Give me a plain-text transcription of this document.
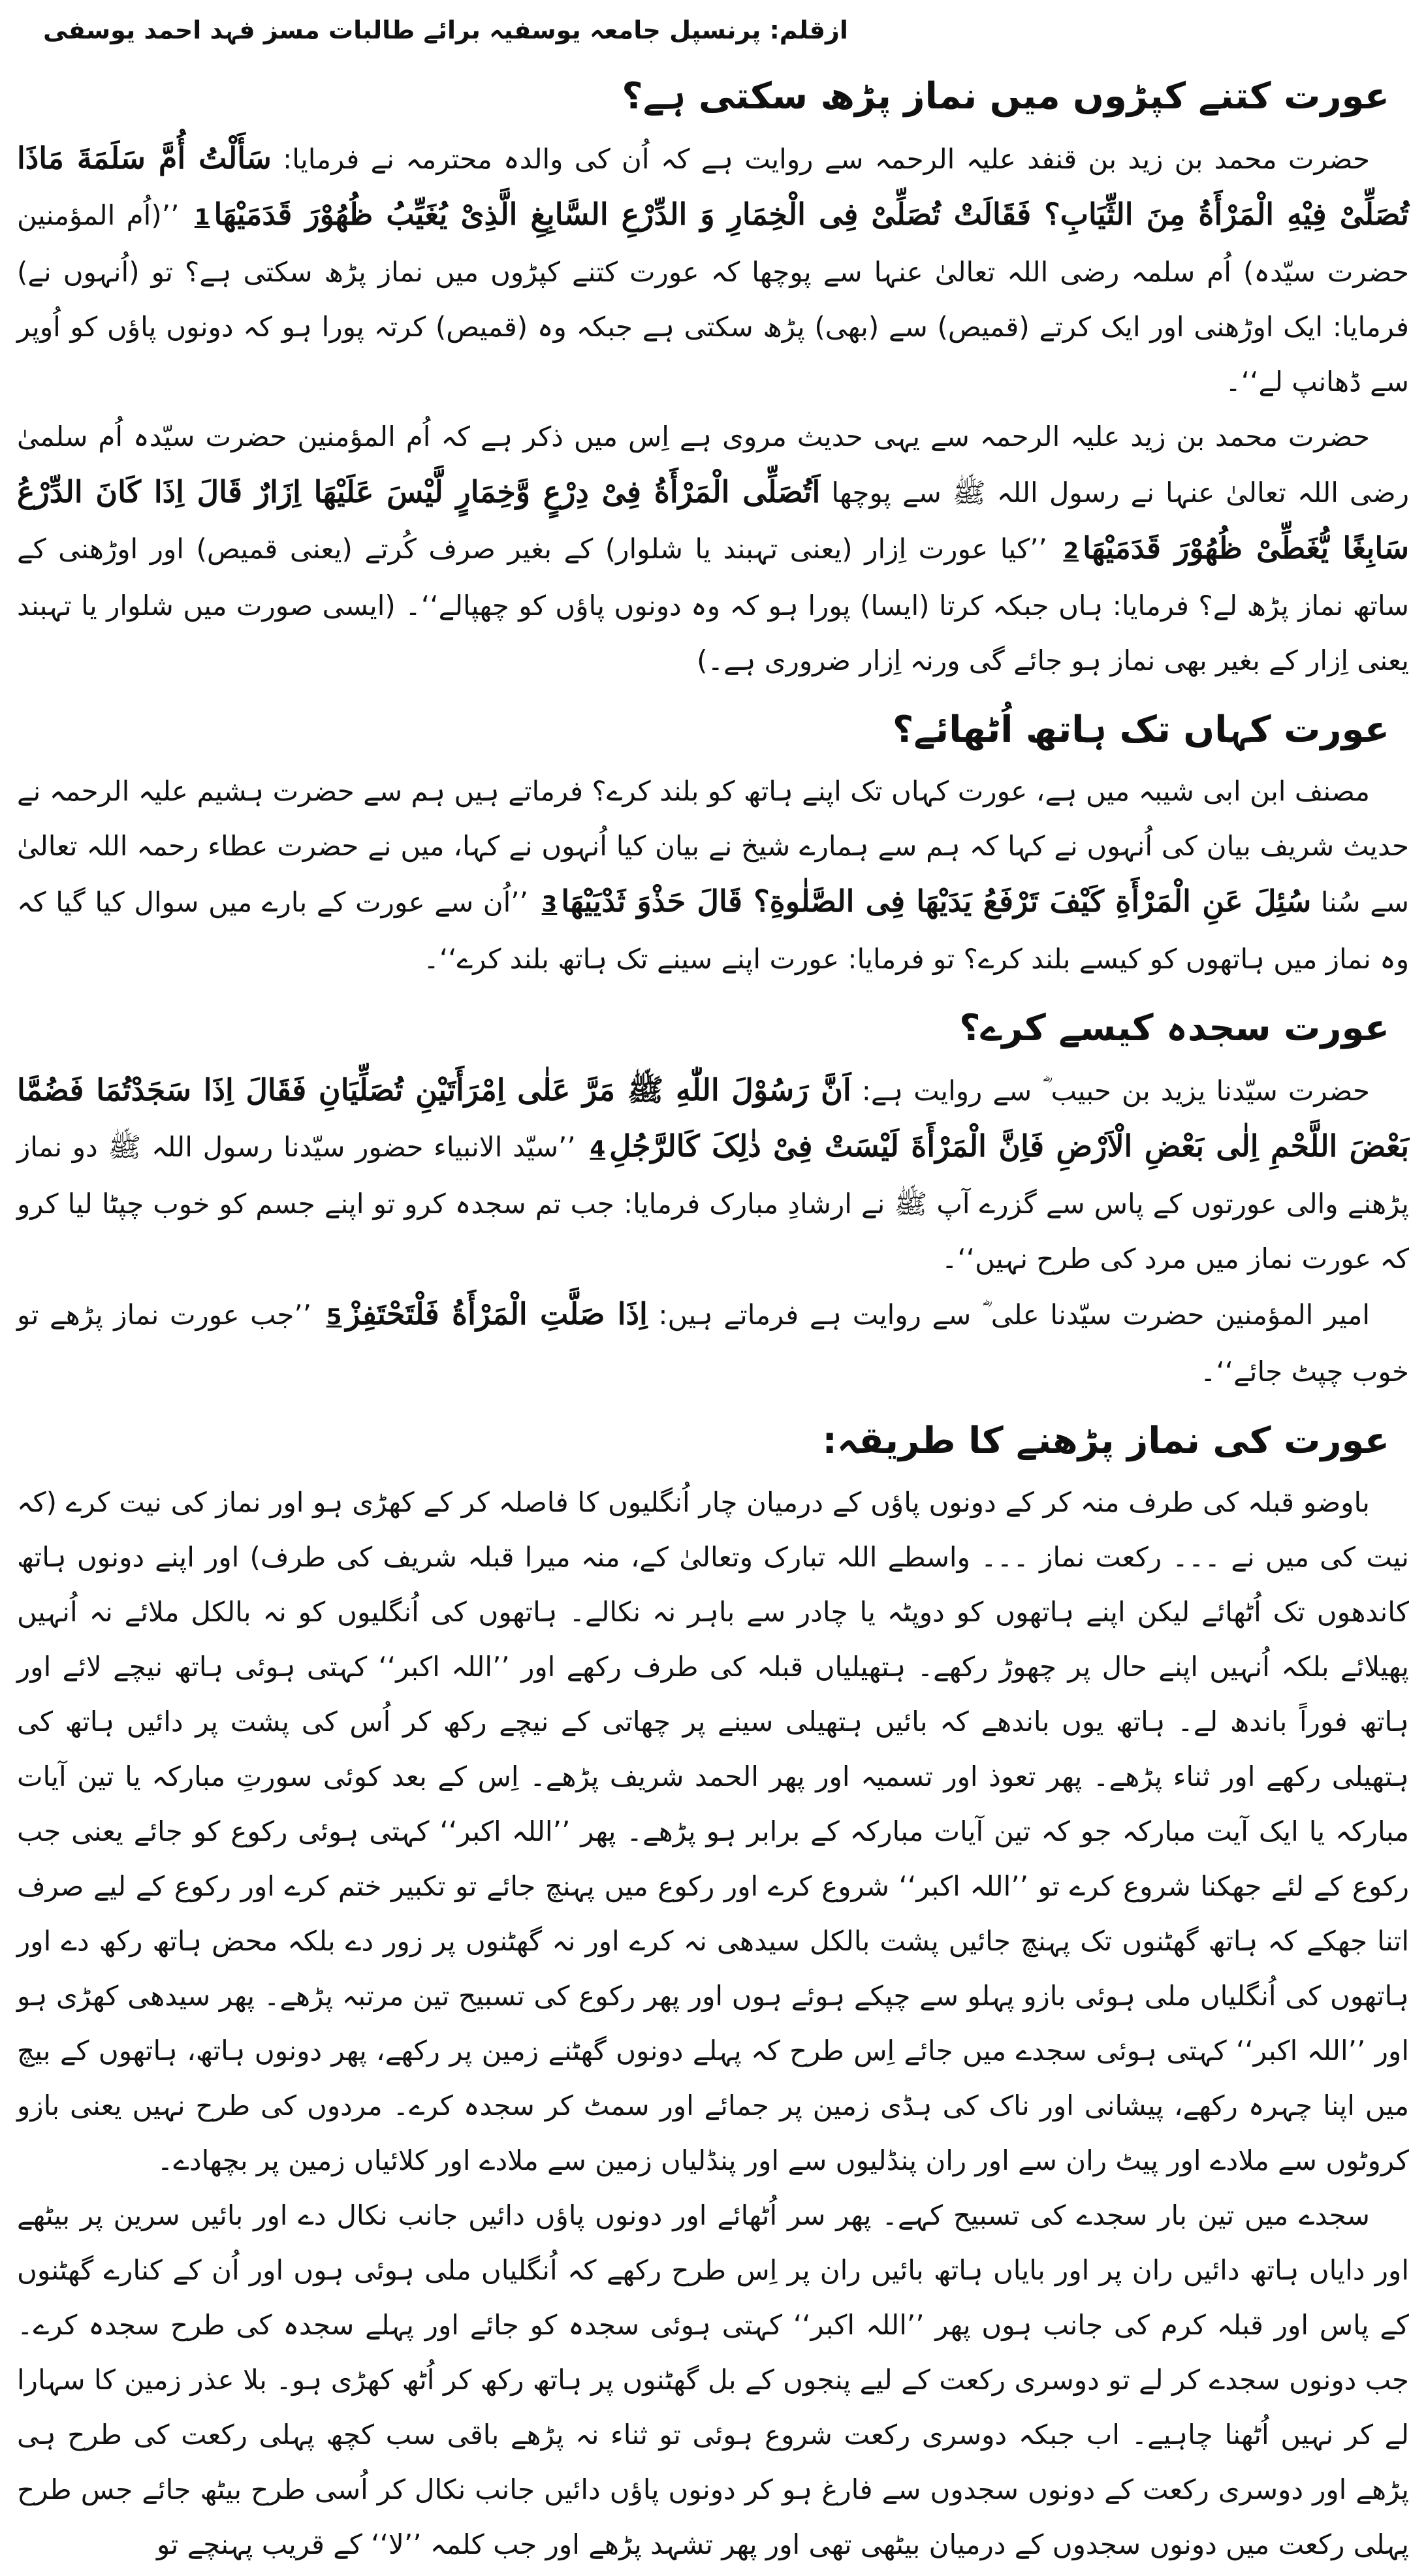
ازقلم: پرنسپل جامعہ یوسفیہ برائے طالبات مسز فہد احمد یوسفی
عورت کتنے کپڑوں میں نماز پڑھ سکتی ہے؟

حضرت محمد بن زید بن قنفد علیہ الرحمہ سے روایت ہے کہ اُن کی والدہ محترمہ نے فرمایا: سَأَلْتُ أُمَّ سَلَمَةَ مَاذَا تُصَلِّیْ فِیْهِ الْمَرْأَةُ مِنَ الثِّیَابِ؟ فَقَالَتْ تُصَلِّیْ فِی الْخِمَارِ وَ الدِّرْعِ السَّابِغِ الَّذِیْ یُغَیِّبُ ظُهُوْرَ قَدَمَیْهَا1 ’’(اُم المؤمنین حضرت سیّدہ) اُم سلمہ رضی اللہ تعالیٰ عنہا سے پوچھا کہ عورت کتنے کپڑوں میں نماز پڑھ سکتی ہے؟ تو (اُنہوں نے) فرمایا: ایک اوڑھنی اور ایک کرتے (قمیص) سے (بھی) پڑھ سکتی ہے جبکہ وہ (قمیص) کرتہ پورا ہو کہ دونوں پاؤں کو اُوپر سے ڈھانپ لے‘‘۔

حضرت محمد بن زید علیہ الرحمہ سے یہی حدیث مروی ہے اِس میں ذکر ہے کہ اُم المؤمنین حضرت سیّدہ اُم سلمیٰ رضی اللہ تعالیٰ عنہا نے رسول اللہ ﷺ سے پوچھا اَتُصَلِّی الْمَرْأَةُ فِیْ دِرْعٍ وَّخِمَارٍ لَّیْسَ عَلَیْهَا اِزَارٌ قَالَ اِذَا کَانَ الدِّرْعُ سَابِغًا یُّغَطِّیْ ظُهُوْرَ قَدَمَیْهَا2 ’’کیا عورت اِزار (یعنی تہبند یا شلوار) کے بغیر صرف کُرتے (یعنی قمیص) اور اوڑھنی کے ساتھ نماز پڑھ لے؟ فرمایا: ہاں جبکہ کرتا (ایسا) پورا ہو کہ وہ دونوں پاؤں کو چھپالے‘‘۔ (ایسی صورت میں شلوار یا تہبند یعنی اِزار کے بغیر بھی نماز ہو جائے گی ورنہ اِزار ضروری ہے۔)

عورت کہاں تک ہاتھ اُٹھائے؟

مصنف ابن ابی شیبہ میں ہے، عورت کہاں تک اپنے ہاتھ کو بلند کرے؟ فرماتے ہیں ہم سے حضرت ہشیم علیہ الرحمہ نے حدیث شریف بیان کی اُنہوں نے کہا کہ ہم سے ہمارے شیخ نے بیان کیا اُنہوں نے کہا، میں نے حضرت عطاء رحمہ اللہ تعالیٰ سے سُنا سُئِلَ عَنِ الْمَرْأَةِ کَیْفَ تَرْفَعُ یَدَیْهَا فِی الصَّلٰوةِ؟ قَالَ حَذْوَ ثَدْیَیْهَا3 ’’اُن سے عورت کے بارے میں سوال کیا گیا کہ وہ نماز میں ہاتھوں کو کیسے بلند کرے؟ تو فرمایا: عورت اپنے سینے تک ہاتھ بلند کرے‘‘۔

عورت سجدہ کیسے کرے؟

حضرت سیّدنا یزید بن حبیب ؓ سے روایت ہے: اَنَّ رَسُوْلَ اللّٰهِ ﷺ مَرَّ عَلٰی اِمْرَأَتَیْنِ تُصَلِّیَانِ فَقَالَ اِذَا سَجَدْتُمَا فَضُمَّا بَعْضَ اللَّحْمِ اِلٰی بَعْضِ الْاَرْضِ فَاِنَّ الْمَرْأَةَ لَیْسَتْ فِیْ ذٰلِکَ کَالرَّجُلِ4 ’’سیّد الانبیاء حضور سیّدنا رسول اللہ ﷺ دو نماز پڑھنے والی عورتوں کے پاس سے گزرے آپ ﷺ نے ارشادِ مبارک فرمایا: جب تم سجدہ کرو تو اپنے جسم کو خوب چپٹا لیا کرو کہ عورت نماز میں مرد کی طرح نہیں‘‘۔

امیر المؤمنین حضرت سیّدنا علی ؓ سے روایت ہے فرماتے ہیں: اِذَا صَلَّتِ الْمَرْأَةُ فَلْتَحْتَفِزْ5 ’’جب عورت نماز پڑھے تو خوب چپٹ جائے‘‘۔

عورت کی نماز پڑھنے کا طریقہ:

باوضو قبلہ کی طرف منہ کر کے دونوں پاؤں کے درمیان چار اُنگلیوں کا فاصلہ کر کے کھڑی ہو اور نماز کی نیت کرے (کہ نیت کی میں نے ۔۔۔ رکعت نماز ۔۔۔ واسطے اللہ تبارک وتعالیٰ کے، منہ میرا قبلہ شریف کی طرف) اور اپنے دونوں ہاتھ کاندھوں تک اُٹھائے لیکن اپنے ہاتھوں کو دوپٹہ یا چادر سے باہر نہ نکالے۔ ہاتھوں کی اُنگلیوں کو نہ بالکل ملائے نہ اُنہیں پھیلائے بلکہ اُنہیں اپنے حال پر چھوڑ رکھے۔ ہتھیلیاں قبلہ کی طرف رکھے اور ’’اللہ اکبر‘‘ کہتی ہوئی ہاتھ نیچے لائے اور ہاتھ فوراً باندھ لے۔ ہاتھ یوں باندھے کہ بائیں ہتھیلی سینے پر چھاتی کے نیچے رکھ کر اُس کی پشت پر دائیں ہاتھ کی ہتھیلی رکھے اور ثناء پڑھے۔ پھر تعوذ اور تسمیہ اور پھر الحمد شریف پڑھے۔ اِس کے بعد کوئی سورتِ مبارکہ یا تین آیات مبارکہ یا ایک آیت مبارکہ جو کہ تین آیات مبارکہ کے برابر ہو پڑھے۔ پھر ’’اللہ اکبر‘‘ کہتی ہوئی رکوع کو جائے یعنی جب رکوع کے لئے جھکنا شروع کرے تو ’’اللہ اکبر‘‘ شروع کرے اور رکوع میں پہنچ جائے تو تکبیر ختم کرے اور رکوع کے لیے صرف اتنا جھکے کہ ہاتھ گھٹنوں تک پہنچ جائیں پشت بالکل سیدھی نہ کرے اور نہ گھٹنوں پر زور دے بلکہ محض ہاتھ رکھ دے اور ہاتھوں کی اُنگلیاں ملی ہوئی بازو پہلو سے چپکے ہوئے ہوں اور پھر رکوع کی تسبیح تین مرتبہ پڑھے۔ پھر سیدھی کھڑی ہو اور ’’اللہ اکبر‘‘ کہتی ہوئی سجدے میں جائے اِس طرح کہ پہلے دونوں گھٹنے زمین پر رکھے، پھر دونوں ہاتھ، ہاتھوں کے بیچ میں اپنا چہرہ رکھے، پیشانی اور ناک کی ہڈی زمین پر جمائے اور سمٹ کر سجدہ کرے۔ مردوں کی طرح نہیں یعنی بازو کروٹوں سے ملادے اور پیٹ ران سے اور ران پنڈلیوں سے اور پنڈلیاں زمین سے ملادے اور کلائیاں زمین پر بچھادے۔

سجدے میں تین بار سجدے کی تسبیح کہے۔ پھر سر اُٹھائے اور دونوں پاؤں دائیں جانب نکال دے اور بائیں سرین پر بیٹھے اور دایاں ہاتھ دائیں ران پر اور بایاں ہاتھ بائیں ران پر اِس طرح رکھے کہ اُنگلیاں ملی ہوئی ہوں اور اُن کے کنارے گھٹنوں کے پاس اور قبلہ کرم کی جانب ہوں پھر ’’اللہ اکبر‘‘ کہتی ہوئی سجدہ کو جائے اور پہلے سجدہ کی طرح سجدہ کرے۔ جب دونوں سجدے کر لے تو دوسری رکعت کے لیے پنجوں کے بل گھٹنوں پر ہاتھ رکھ کر اُٹھ کھڑی ہو۔ بلا عذر زمین کا سہارا لے کر نہیں اُٹھنا چاہیے۔ اب جبکہ دوسری رکعت شروع ہوئی تو ثناء نہ پڑھے باقی سب کچھ پہلی رکعت کی طرح ہی پڑھے اور دوسری رکعت کے دونوں سجدوں سے فارغ ہو کر دونوں پاؤں دائیں جانب نکال کر اُسی طرح بیٹھ جائے جس طرح پہلی رکعت میں دونوں سجدوں کے درمیان بیٹھی تھی اور پھر تشہد پڑھے اور جب کلمہ ’’لا‘‘ کے قریب پہنچے تو
